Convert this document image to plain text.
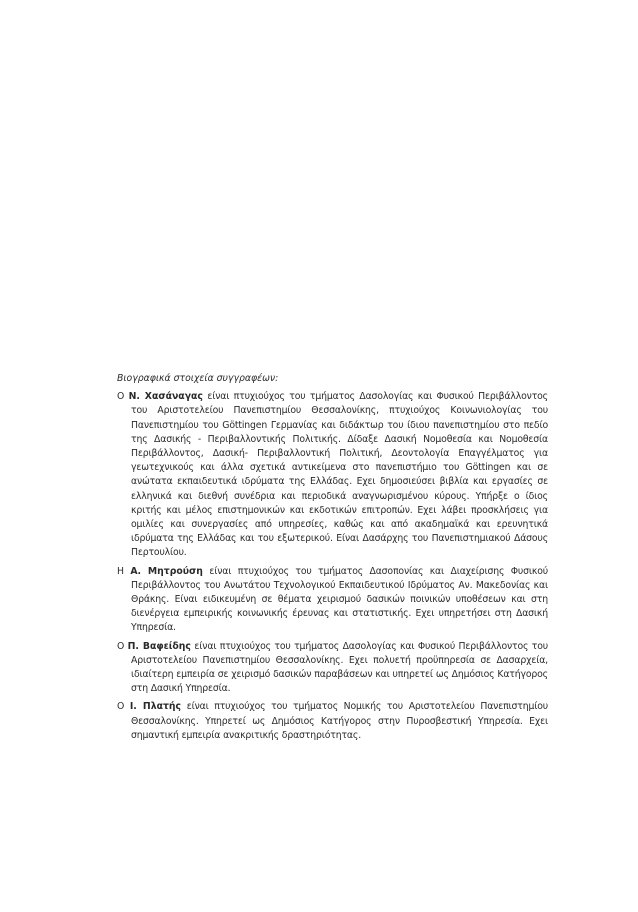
Βιογραφικά στοιχεία συγγραφέων:

Ο Ν. Χασάναγας είναι πτυχιούχος του τμήματος Δασολογίας και Φυσικού Περιβάλλοντος του Αριστοτελείου Πανεπιστημίου Θεσσαλονίκης, πτυχιούχος Κοινωνιολογίας του Πανεπιστημίου του Göttingen Γερμανίας και διδάκτωρ του ίδιου πανεπιστημίου στο πεδίο της Δασικής - Περιβαλλοντικής Πολιτικής. Δίδαξε Δασική Νομοθεσία και Νομοθεσία Περιβάλλοντος, Δασική- Περιβαλλοντική Πολιτική, Δεοντολογία Επαγγέλματος για γεωτεχνικούς και άλλα σχετικά αντικείμενα στο πανεπιστήμιο του Göttingen και σε ανώτατα εκπαιδευτικά ιδρύματα της Ελλάδας. Εχει δημοσιεύσει βιβλία και εργασίες σε ελληνικά και διεθνή συνέδρια και περιοδικά αναγνωρισμένου κύρους. Υπήρξε ο ίδιος κριτής και μέλος επιστημονικών και εκδοτικών επιτροπών. Εχει λάβει προσκλήσεις για ομιλίες και συνεργασίες από υπηρεσίες, καθώς και από ακαδημαϊκά και ερευνητικά ιδρύματα της Ελλάδας και του εξωτερικού. Είναι Δασάρχης του Πανεπιστημιακού Δάσους Περτουλίου.

Η Α. Μητρούση είναι πτυχιούχος του τμήματος Δασοπονίας και Διαχείρισης Φυσικού Περιβάλλοντος του Ανωτάτου Τεχνολογικού Εκπαιδευτικού Ιδρύματος Αν. Μακεδονίας και Θράκης. Είναι ειδικευμένη σε θέματα χειρισμού δασικών ποινικών υποθέσεων και στη διενέργεια εμπειρικής κοινωνικής έρευνας και στατιστικής. Εχει υπηρετήσει στη Δασική Υπηρεσία.

Ο Π. Βαφείδης είναι πτυχιούχος του τμήματος Δασολογίας και Φυσικού Περιβάλλοντος του Αριστοτελείου Πανεπιστημίου Θεσσαλονίκης. Εχει πολυετή προϋπηρεσία σε Δασαρχεία, ιδιαίτερη εμπειρία σε χειρισμό δασικών παραβάσεων και υπηρετεί ως Δημόσιος Κατήγορος στη Δασική Υπηρεσία.

Ο Ι. Πλατής είναι πτυχιούχος του τμήματος Νομικής του Αριστοτελείου Πανεπιστημίου Θεσσαλονίκης. Υπηρετεί ως Δημόσιος Κατήγορος στην Πυροσβεστική Υπηρεσία. Εχει σημαντική εμπειρία ανακριτικής δραστηριότητας.
